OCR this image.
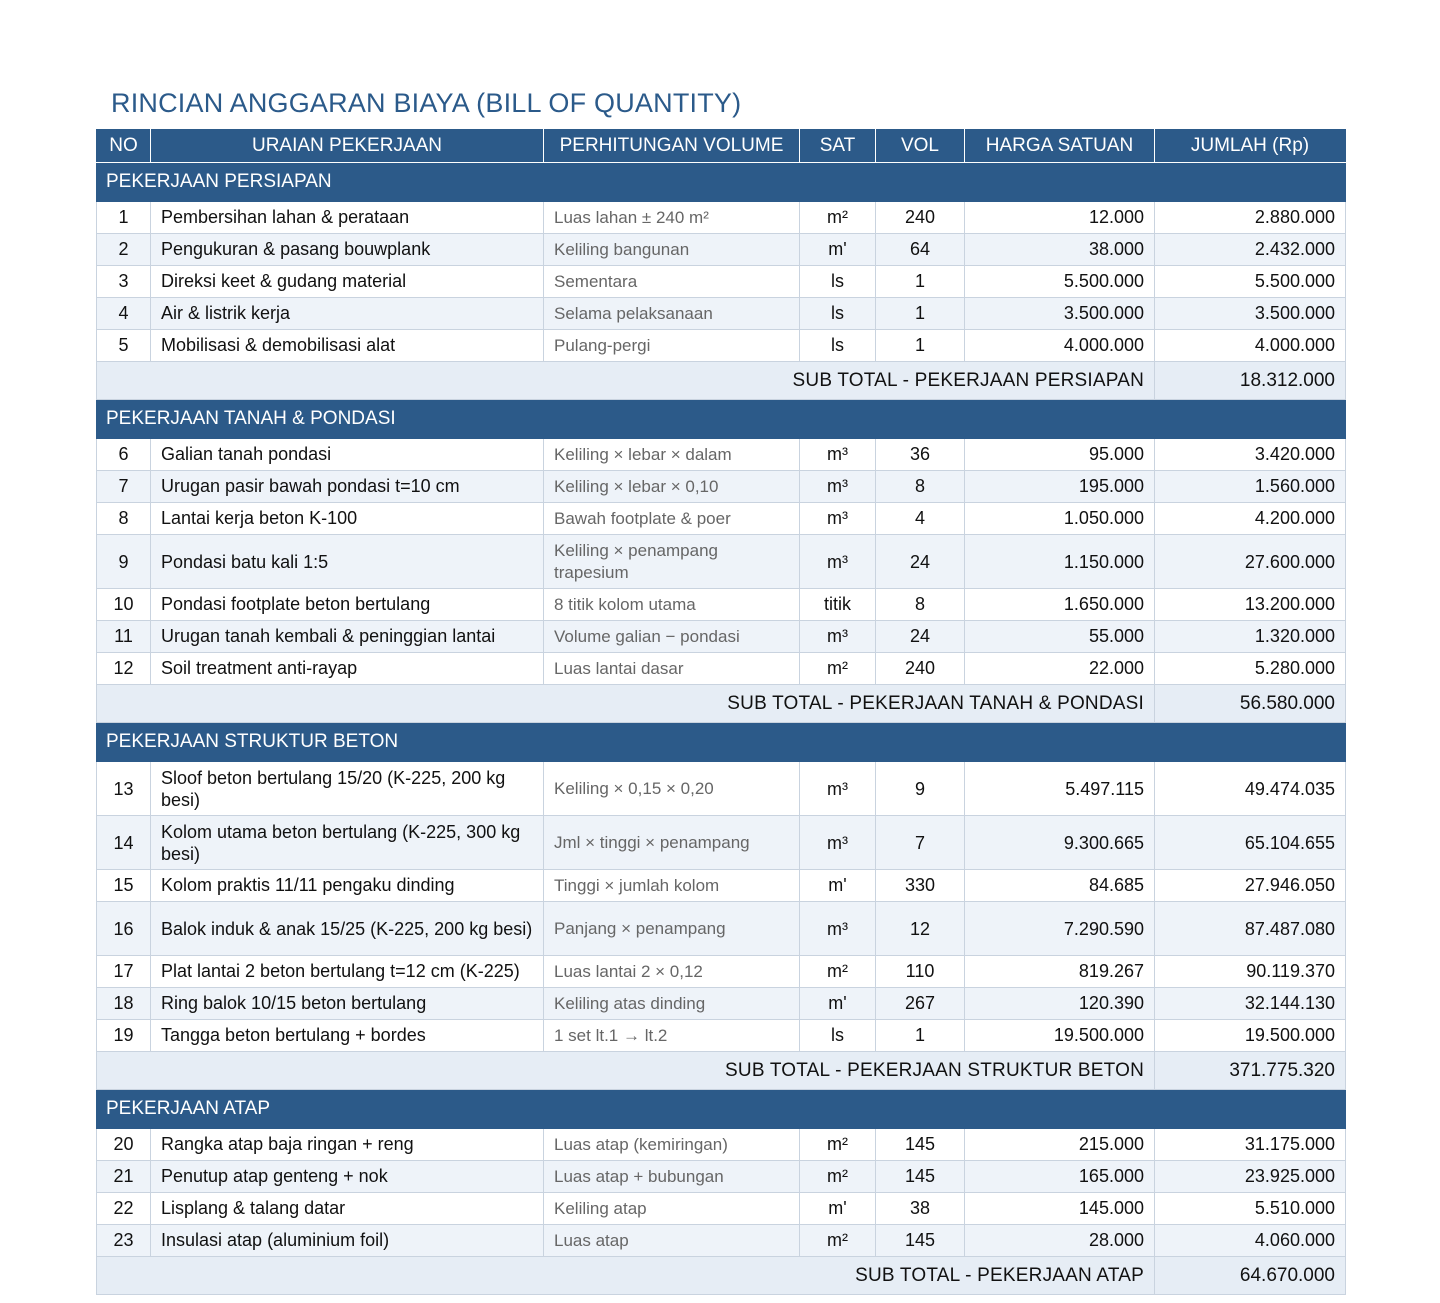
RINCIAN ANGGARAN BIAYA (BILL OF QUANTITY)
NO	URAIAN PEKERJAAN	PERHITUNGAN VOLUME	SAT	VOL	HARGA SATUAN	JUMLAH (Rp)
PEKERJAAN PERSIAPAN						
1	Pembersihan lahan & perataan	Luas lahan ± 240 m²	m²	240	12.000	2.880.000
2	Pengukuran & pasang bouwplank	Keliling bangunan	m'	64	38.000	2.432.000
3	Direksi keet & gudang material	Sementara	ls	1	5.500.000	5.500.000
4	Air & listrik kerja	Selama pelaksanaan	ls	1	3.500.000	3.500.000
5	Mobilisasi & demobilisasi alat	Pulang-pergi	ls	1	4.000.000	4.000.000
SUB TOTAL - PEKERJAAN PERSIAPAN						18.312.000
PEKERJAAN TANAH & PONDASI						
6	Galian tanah pondasi	Keliling × lebar × dalam	m³	36	95.000	3.420.000
7	Urugan pasir bawah pondasi t=10 cm	Keliling × lebar × 0,10	m³	8	195.000	1.560.000
8	Lantai kerja beton K-100	Bawah footplate & poer	m³	4	1.050.000	4.200.000
9	Pondasi batu kali 1:5	Keliling × penampang trapesium	m³	24	1.150.000	27.600.000
10	Pondasi footplate beton bertulang	8 titik kolom utama	titik	8	1.650.000	13.200.000
11	Urugan tanah kembali & peninggian lantai	Volume galian − pondasi	m³	24	55.000	1.320.000
12	Soil treatment anti-rayap	Luas lantai dasar	m²	240	22.000	5.280.000
SUB TOTAL - PEKERJAAN TANAH & PONDASI						56.580.000
PEKERJAAN STRUKTUR BETON						
13	Sloof beton bertulang 15/20 (K-225, 200 kg besi)	Keliling × 0,15 × 0,20	m³	9	5.497.115	49.474.035
14	Kolom utama beton bertulang (K-225, 300 kg besi)	Jml × tinggi × penampang	m³	7	9.300.665	65.104.655
15	Kolom praktis 11/11 pengaku dinding	Tinggi × jumlah kolom	m'	330	84.685	27.946.050
16	Balok induk & anak 15/25 (K-225, 200 kg besi)	Panjang × penampang	m³	12	7.290.590	87.487.080
17	Plat lantai 2 beton bertulang t=12 cm (K-225)	Luas lantai 2 × 0,12	m²	110	819.267	90.119.370
18	Ring balok 10/15 beton bertulang	Keliling atas dinding	m'	267	120.390	32.144.130
19	Tangga beton bertulang + bordes	1 set lt.1 → lt.2	ls	1	19.500.000	19.500.000
SUB TOTAL - PEKERJAAN STRUKTUR BETON						371.775.320
PEKERJAAN ATAP						
20	Rangka atap baja ringan + reng	Luas atap (kemiringan)	m²	145	215.000	31.175.000
21	Penutup atap genteng + nok	Luas atap + bubungan	m²	145	165.000	23.925.000
22	Lisplang & talang datar	Keliling atap	m'	38	145.000	5.510.000
23	Insulasi atap (aluminium foil)	Luas atap	m²	145	28.000	4.060.000
SUB TOTAL - PEKERJAAN ATAP						64.670.000
